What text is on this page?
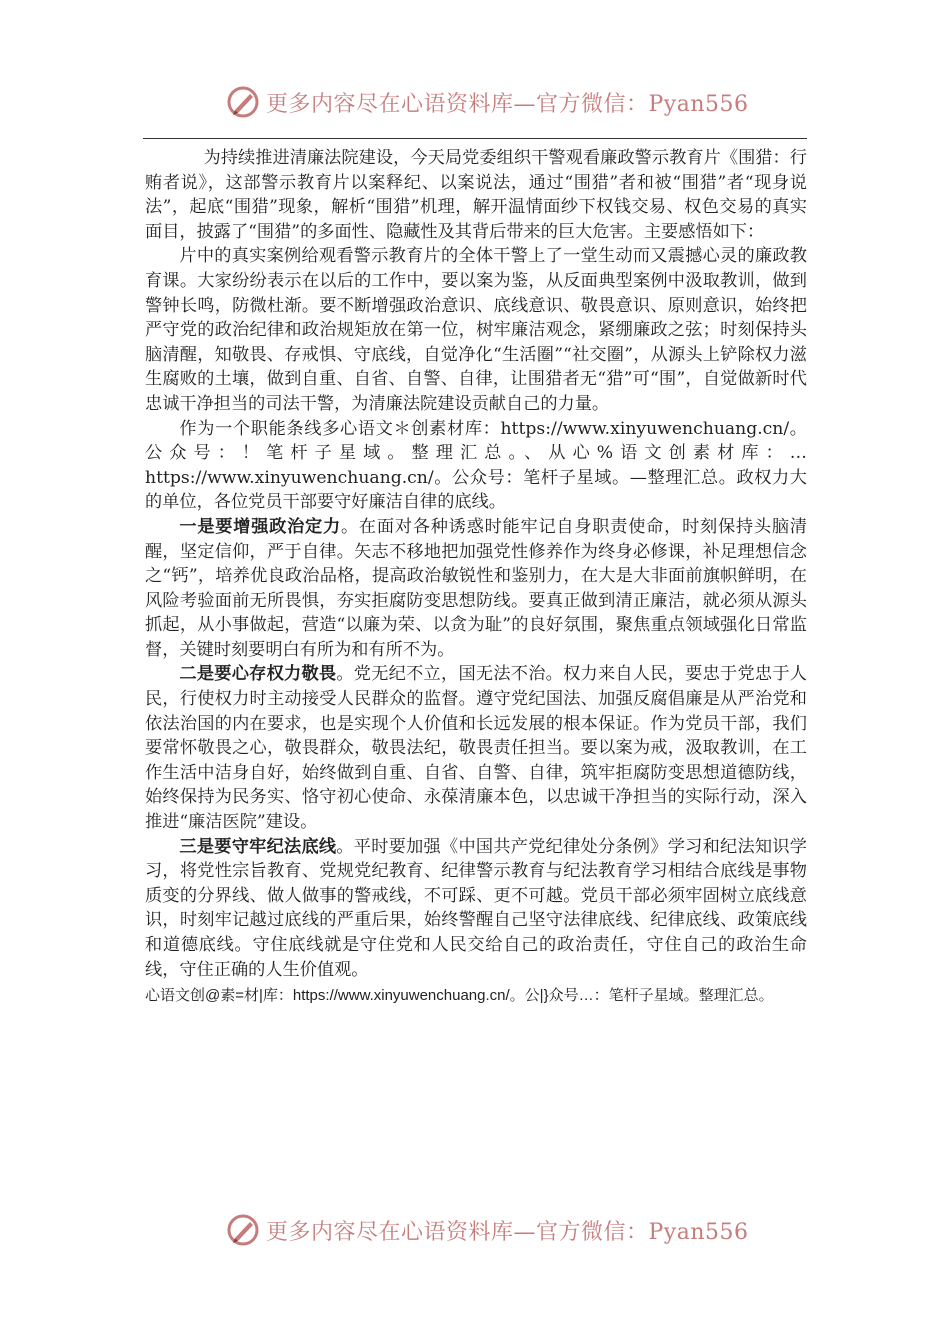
更多内容尽在心语资料库—官方微信：Pyan556

为持续推进清廉法院建设，今天局党委组织干警观看廉政警示教育片《围猎：行贿者说》，这部警示教育片以案释纪、以案说法，通过“围猎”者和被“围猎”者“现身说法”，起底“围猎”现象，解析“围猎”机理，解开温情面纱下权钱交易、权色交易的真实面目，披露了“围猎”的多面性、隐藏性及其背后带来的巨大危害。主要感悟如下：

片中的真实案例给观看警示教育片的全体干警上了一堂生动而又震撼心灵的廉政教育课。大家纷纷表示在以后的工作中，要以案为鉴，从反面典型案例中汲取教训，做到警钟长鸣，防微杜渐。要不断增强政治意识、底线意识、敬畏意识、原则意识，始终把严守党的政治纪律和政治规矩放在第一位，树牢廉洁观念，紧绷廉政之弦；时刻保持头脑清醒，知敬畏、存戒惧、守底线，自觉净化“生活圈”“社交圈”，从源头上铲除权力滋生腐败的土壤，做到自重、自省、自警、自律，让围猎者无“猎”可“围”，自觉做新时代忠诚干净担当的司法干警，为清廉法院建设贡献自己的力量。

作为一个职能条线多心语文＊创素材库：https://www.xinyuwenchuang.cn/。公众号：！笔杆子星域。整理汇总。、从心%语文创素材库：…https://www.xinyuwenchuang.cn/。公众号：笔杆子星域。—整理汇总。政权力大的单位，各位党员干部要守好廉洁自律的底线。

一是要增强政治定力。在面对各种诱惑时能牢记自身职责使命，时刻保持头脑清醒，坚定信仰，严于自律。矢志不移地把加强党性修养作为终身必修课，补足理想信念之“钙”，培养优良政治品格，提高政治敏锐性和鉴别力，在大是大非面前旗帜鲜明，在风险考验面前无所畏惧，夯实拒腐防变思想防线。要真正做到清正廉洁，就必须从源头抓起，从小事做起，营造“以廉为荣、以贪为耻”的良好氛围，聚焦重点领域强化日常监督，关键时刻要明白有所为和有所不为。

二是要心存权力敬畏。党无纪不立，国无法不治。权力来自人民，要忠于党忠于人民，行使权力时主动接受人民群众的监督。遵守党纪国法、加强反腐倡廉是从严治党和依法治国的内在要求，也是实现个人价值和长远发展的根本保证。作为党员干部，我们要常怀敬畏之心，敬畏群众，敬畏法纪，敬畏责任担当。要以案为戒，汲取教训，在工作生活中洁身自好，始终做到自重、自省、自警、自律，筑牢拒腐防变思想道德防线，始终保持为民务实、恪守初心使命、永葆清廉本色，以忠诚干净担当的实际行动，深入推进“廉洁医院”建设。

三是要守牢纪法底线。平时要加强《中国共产党纪律处分条例》学习和纪法知识学习，将党性宗旨教育、党规党纪教育、纪律警示教育与纪法教育学习相结合底线是事物质变的分界线、做人做事的警戒线，不可踩、更不可越。党员干部必须牢固树立底线意识，时刻牢记越过底线的严重后果，始终警醒自己坚守法律底线、纪律底线、政策底线和道德底线。守住底线就是守住党和人民交给自己的政治责任，守住自己的政治生命线，守住正确的人生价值观。

心语文创@素=材|库：https://www.xinyuwenchuang.cn/。公|}众号…：笔杆子星域。整理汇总。

更多内容尽在心语资料库—官方微信：Pyan556
